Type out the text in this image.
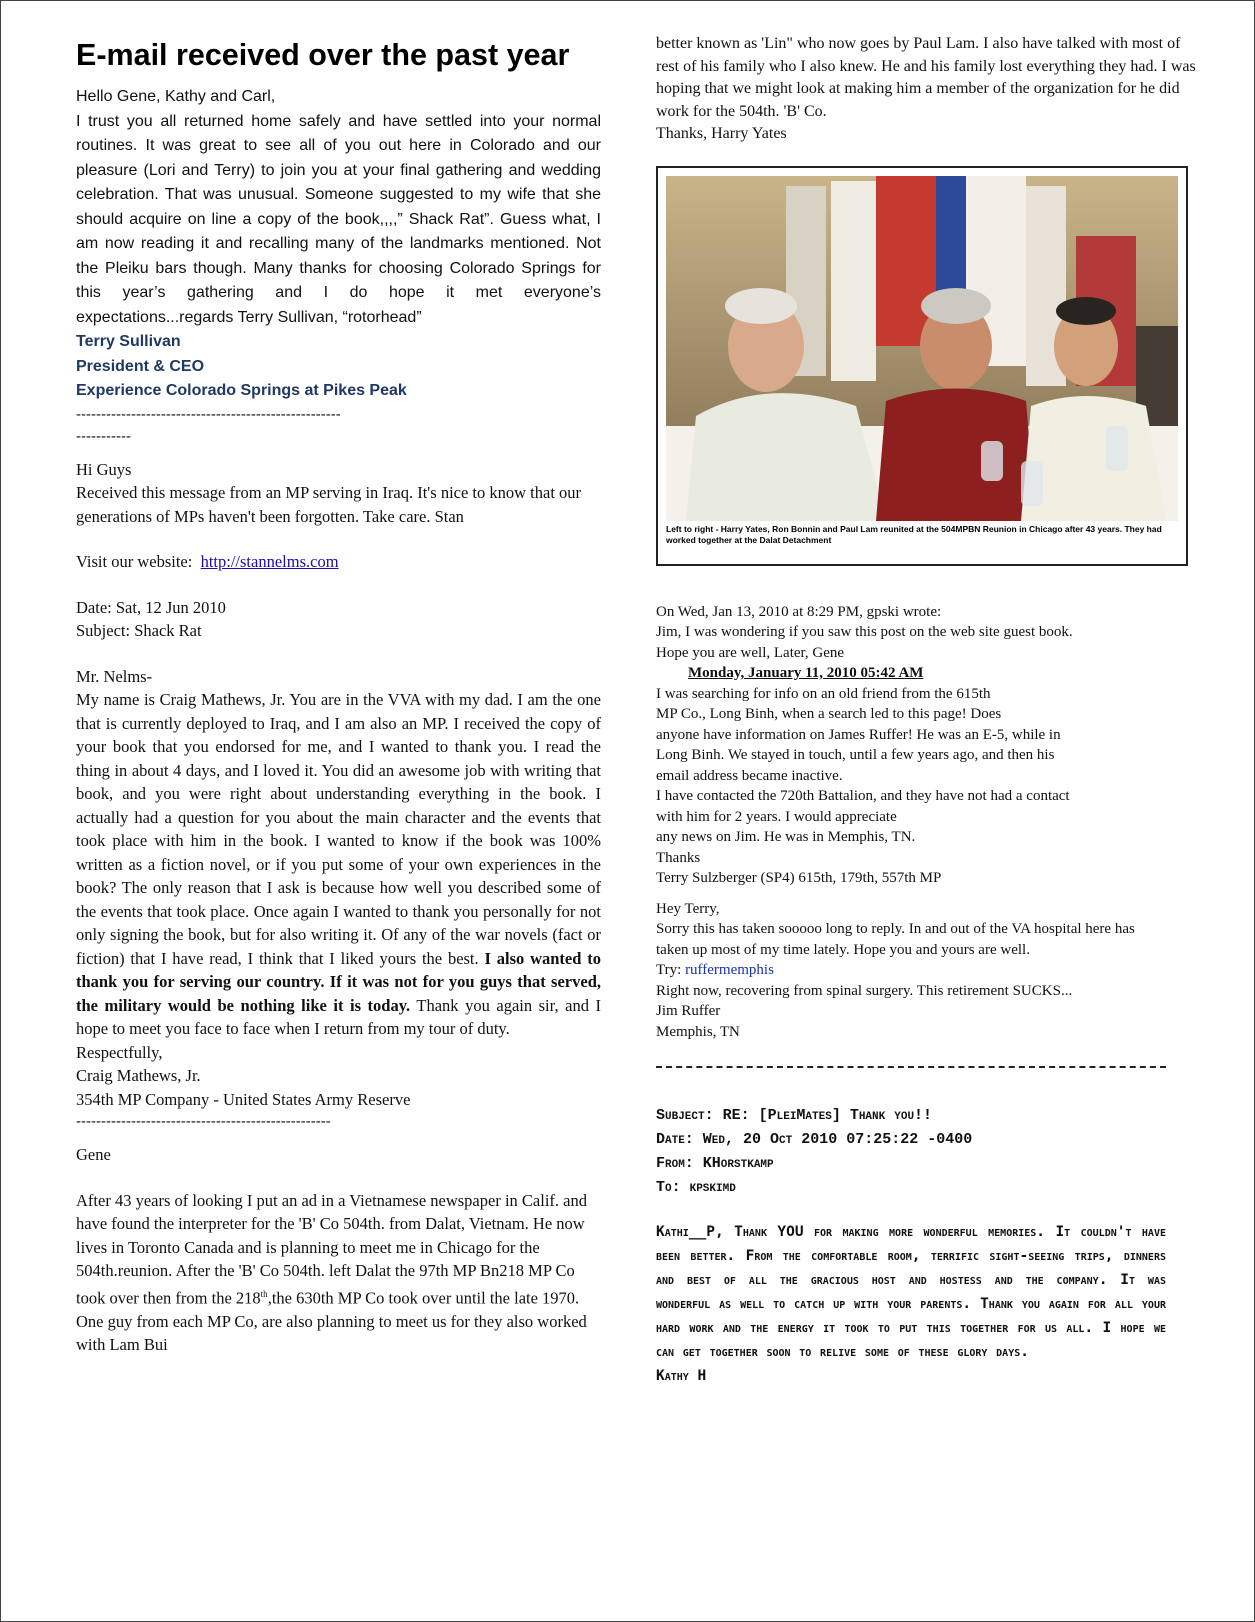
E-mail received over the past year
Hello Gene, Kathy and Carl,
I trust you all returned home safely and have settled into your normal routines. It was great to see all of you out here in Colorado and our pleasure (Lori and Terry) to join you at your final gathering and wedding celebration. That was unusual. Someone suggested to my wife that she should acquire on line a copy of the book,,,,” Shack Rat”. Guess what, I am now reading it and recalling many of the landmarks mentioned. Not the Pleiku bars though. Many thanks for choosing Colorado Springs for this year’s gathering and I do hope it met everyone’s expectations...regards Terry Sullivan, “rotorhead”
Terry Sullivan
President & CEO
Experience Colorado Springs at Pikes Peak
-----------------------------------------------------
-----------
Hi Guys
Received this message from an MP serving in Iraq. It's nice to know that our generations of MPs haven't been forgotten. Take care. Stan
Visit our website: http://stannelms.com
Date: Sat, 12 Jun 2010
Subject: Shack Rat
Mr. Nelms-
My name is Craig Mathews, Jr. You are in the VVA with my dad. I am the one that is currently deployed to Iraq, and I am also an MP. I received the copy of your book that you endorsed for me, and I wanted to thank you. I read the thing in about 4 days, and I loved it. You did an awesome job with writing that book, and you were right about understanding everything in the book. I actually had a question for you about the main character and the events that took place with him in the book. I wanted to know if the book was 100% written as a fiction novel, or if you put some of your own experiences in the book? The only reason that I ask is because how well you described some of the events that took place. Once again I wanted to thank you personally for not only signing the book, but for also writing it. Of any of the war novels (fact or fiction) that I have read, I think that I liked yours the best. I also wanted to thank you for serving our country. If it was not for you guys that served, the military would be nothing like it is today. Thank you again sir, and I hope to meet you face to face when I return from my tour of duty.
Respectfully,
Craig Mathews, Jr.
354th MP Company - United States Army Reserve
---------------------------------------------------
Gene
After 43 years of looking I put an ad in a Vietnamese newspaper in Calif. and have found the interpreter for the 'B' Co 504th. from Dalat, Vietnam. He now lives in Toronto Canada and is planning to meet me in Chicago for the 504th.reunion. After the 'B' Co 504th. left Dalat the 97th MP Bn218 MP Co took over then from the 218th,the 630th MP Co took over until the late 1970. One guy from each MP Co, are also planning to meet us for they also worked with Lam Bui
better known as 'Lin" who now goes by Paul Lam. I also have talked with most of rest of his family who I also knew. He and his family lost everything they had. I was hoping that we might look at making him a member of the organization for he did work for the 504th. 'B' Co.
Thanks, Harry Yates
Left to right - Harry Yates, Ron Bonnin and Paul Lam reunited at the 504MPBN Reunion in Chicago after 43 years. They had worked together at the Dalat Detachment
On Wed, Jan 13, 2010 at 8:29 PM, gpski wrote:
Jim, I was wondering if you saw this post on the web site guest book.
Hope you are well, Later, Gene
Monday, January 11, 2010 05:42 AM
I was searching for info on an old friend from the 615th
MP Co., Long Binh, when a search led to this page! Does
anyone have information on James Ruffer! He was an E-5, while in
Long Binh. We stayed in touch, until a few years ago, and then his
email address became inactive.
I have contacted the 720th Battalion, and they have not had a contact
with him for 2 years. I would appreciate
any news on Jim. He was in Memphis, TN.
Thanks
Terry Sulzberger (SP4) 615th, 179th, 557th MP
Hey Terry,
Sorry this has taken sooooo long to reply. In and out of the VA hospital here has taken up most of my time lately. Hope you and yours are well.
Try: ruffermemphis
Right now, recovering from spinal surgery. This retirement SUCKS...
Jim Ruffer
Memphis, TN
Subject: RE: [PleiMates] Thank you!!
Date: Wed, 20 Oct 2010 07:25:22 -0400
From: KHorstkamp
To: kpskimd
Kathi__P, Thank YOU for making more wonderful memories. It couldn't have been better. From the comfortable room, terrific sight-seeing trips, dinners and best of all the gracious host and hostess and the company. It was wonderful as well to catch up with your parents. Thank you again for all your hard work and the energy it took to put this together for us all. I hope we can get together soon to relive some of these glory days.
Kathy H
